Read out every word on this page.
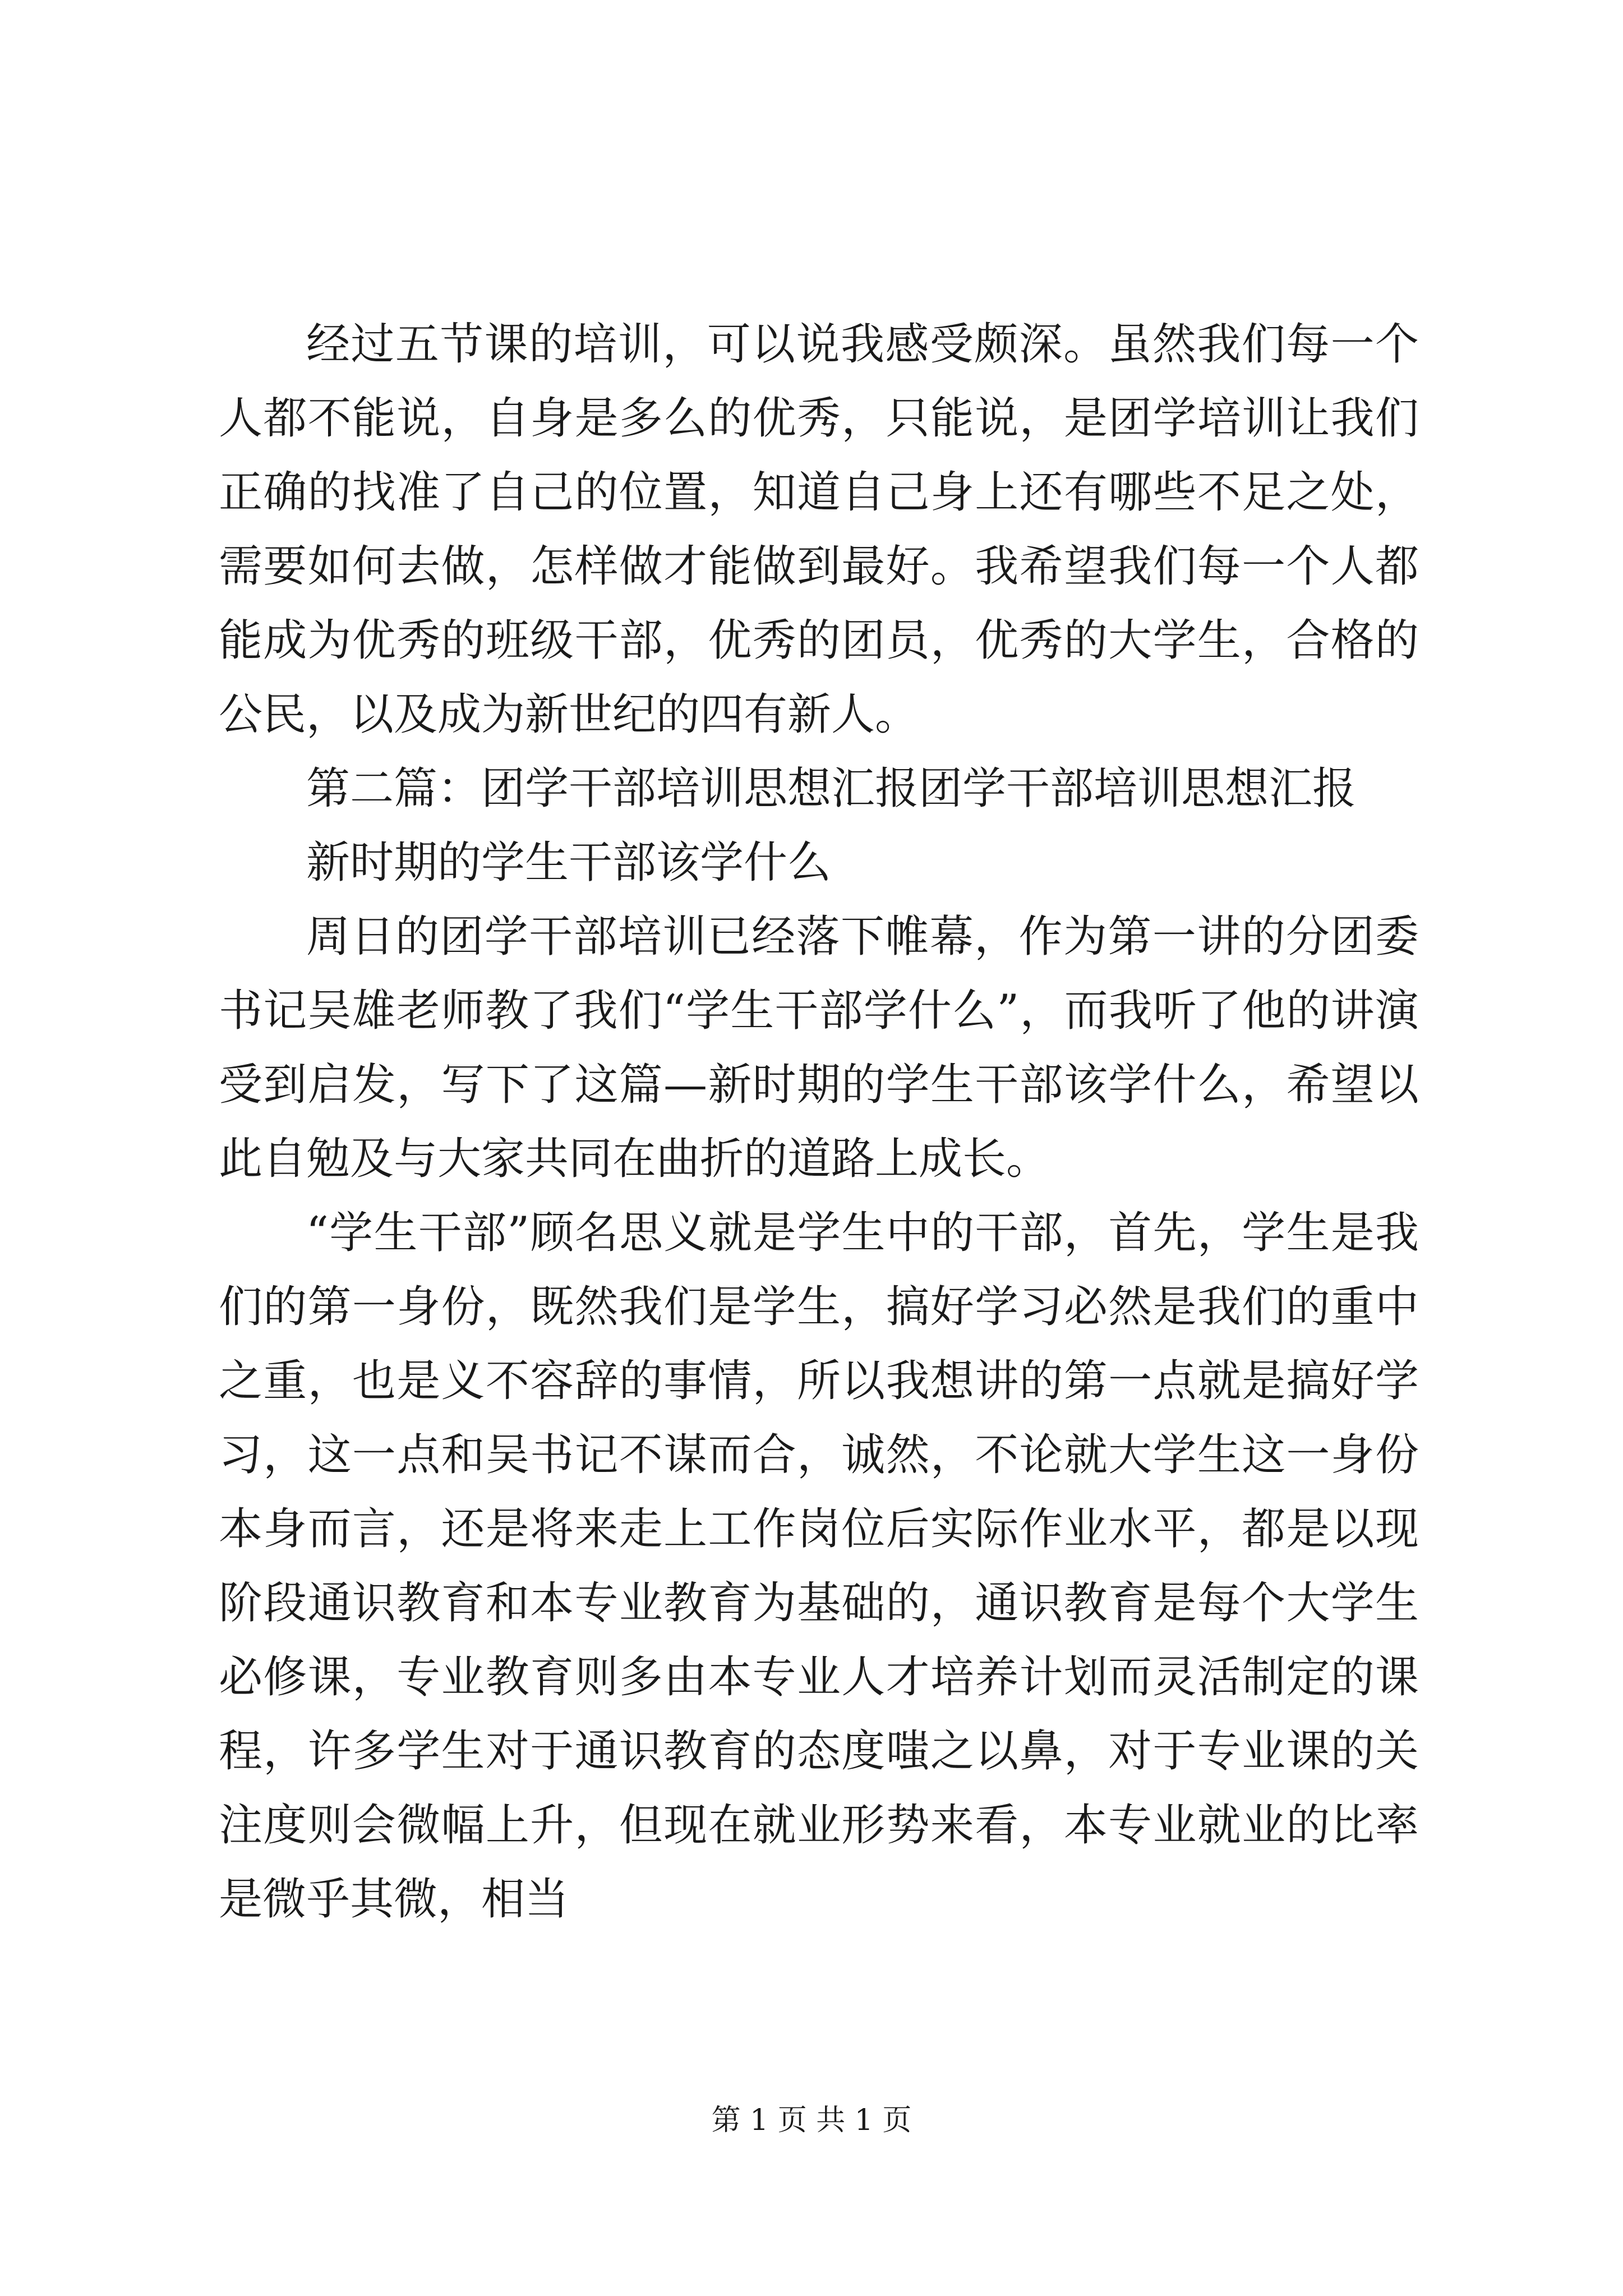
经过五节课的培训，可以说我感受颇深。虽然我们每一个人都不能说，自身是多么的优秀，只能说，是团学培训让我们正确的找准了自己的位置，知道自己身上还有哪些不足之处，需要如何去做，怎样做才能做到最好。我希望我们每一个人都能成为优秀的班级干部，优秀的团员，优秀的大学生，合格的公民，以及成为新世纪的四有新人。

第二篇：团学干部培训思想汇报团学干部培训思想汇报

新时期的学生干部该学什么

周日的团学干部培训已经落下帷幕，作为第一讲的分团委书记吴雄老师教了我们“学生干部学什么”，而我听了他的讲演受到启发，写下了这篇—新时期的学生干部该学什么，希望以此自勉及与大家共同在曲折的道路上成长。

“学生干部”顾名思义就是学生中的干部，首先，学生是我们的第一身份，既然我们是学生，搞好学习必然是我们的重中之重，也是义不容辞的事情，所以我想讲的第一点就是搞好学习，这一点和吴书记不谋而合，诚然，不论就大学生这一身份本身而言，还是将来走上工作岗位后实际作业水平，都是以现阶段通识教育和本专业教育为基础的，通识教育是每个大学生必修课，专业教育则多由本专业人才培养计划而灵活制定的课程，许多学生对于通识教育的态度嗤之以鼻，对于专业课的关注度则会微幅上升，但现在就业形势来看，本专业就业的比率是微乎其微，相当

第 1 页 共 1 页
